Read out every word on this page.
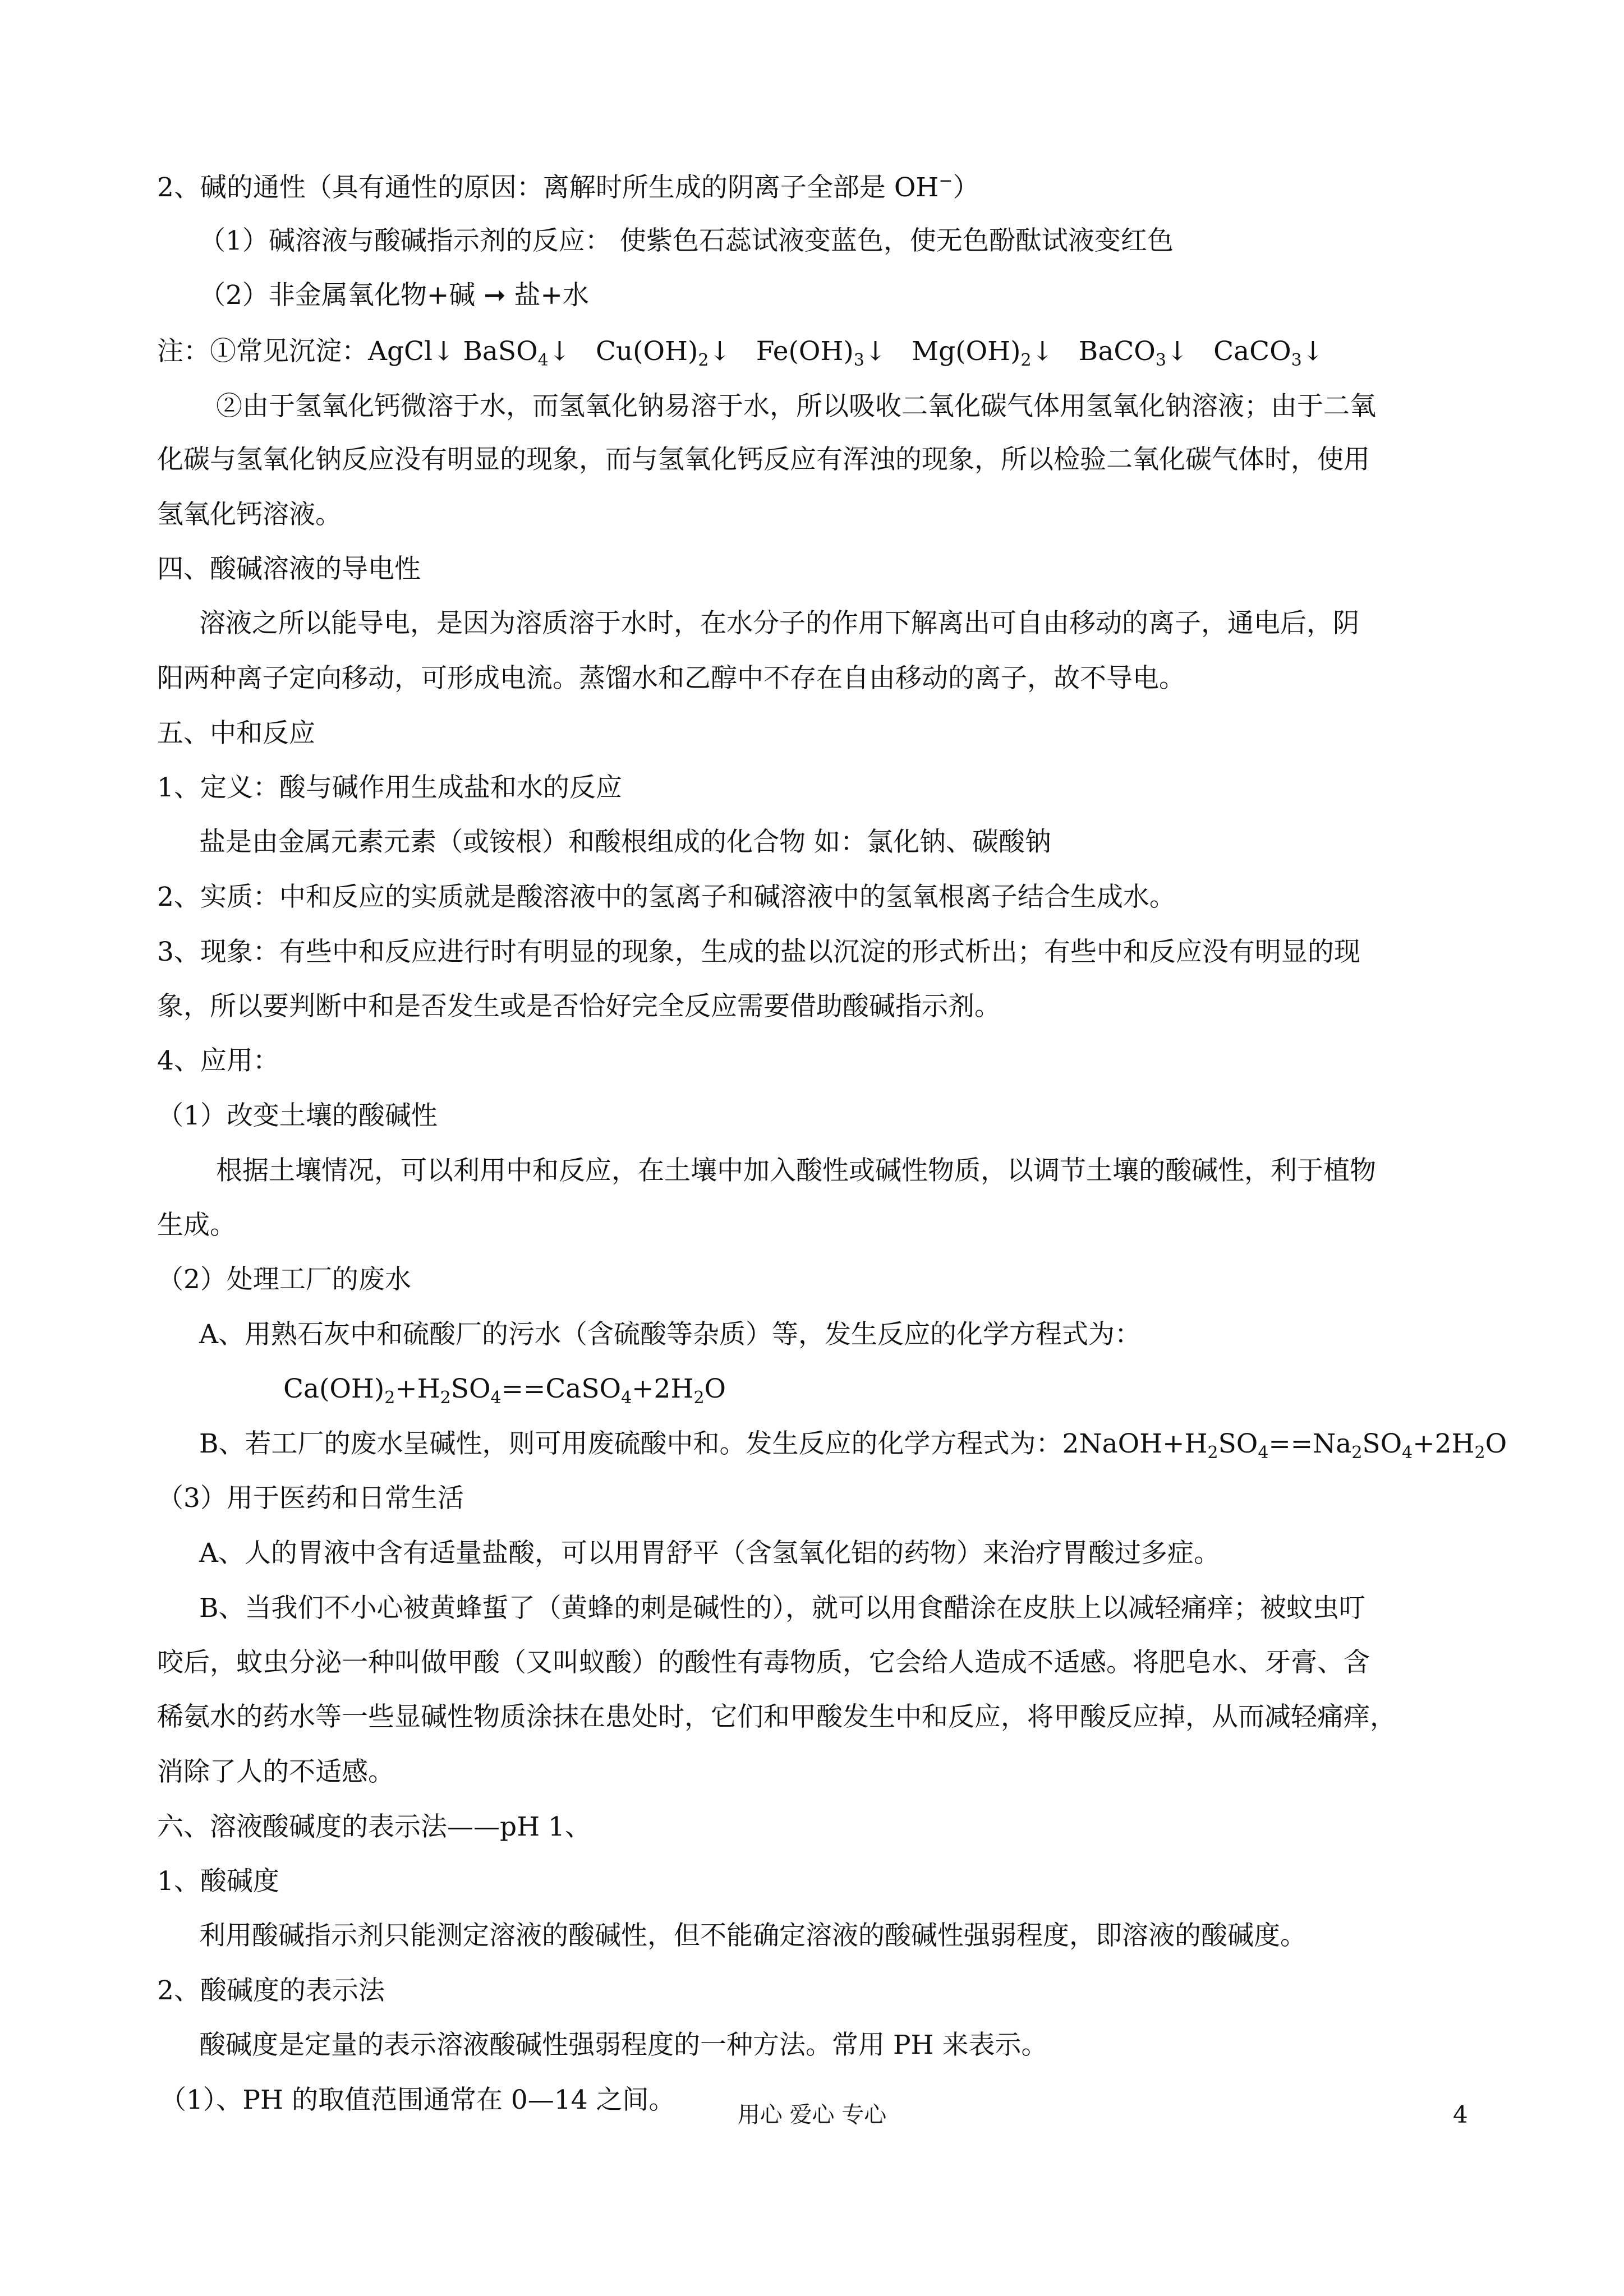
2、碱的通性（具有通性的原因：离解时所生成的阴离子全部是 OH−）
（1）碱溶液与酸碱指示剂的反应： 使紫色石蕊试液变蓝色，使无色酚酞试液变红色
（2）非金属氧化物+碱 ➞ 盐+水
注：①常见沉淀：AgCl↓ BaSO$_4$↓ $Cu(OH)_2↓$ $Fe(OH)_3↓$ $Mg(OH)_2↓$ BaCO$_3$↓ CaCO$_3$↓
②由于氢氧化钙微溶于水，而氢氧化钠易溶于水，所以吸收二氧化碳气体用氢氧化钠溶液；由于二氧
化碳与氢氧化钠反应没有明显的现象，而与氢氧化钙反应有浑浊的现象，所以检验二氧化碳气体时，使用
氢氧化钙溶液。
四、酸碱溶液的导电性
溶液之所以能导电，是因为溶质溶于水时，在水分子的作用下解离出可自由移动的离子，通电后，阴
阳两种离子定向移动，可形成电流。蒸馏水和乙醇中不存在自由移动的离子，故不导电。
五、中和反应
1、定义：酸与碱作用生成盐和水的反应
盐是由金属元素元素（或铵根）和酸根组成的化合物 如：氯化钠、碳酸钠
2、实质：中和反应的实质就是酸溶液中的氢离子和碱溶液中的氢氧根离子结合生成水。
3、现象：有些中和反应进行时有明显的现象，生成的盐以沉淀的形式析出；有些中和反应没有明显的现
象，所以要判断中和是否发生或是否恰好完全反应需要借助酸碱指示剂。
4、应用：
（1）改变土壤的酸碱性
根据土壤情况，可以利用中和反应，在土壤中加入酸性或碱性物质，以调节土壤的酸碱性，利于植物
生成。
（2）处理工厂的废水
A、用熟石灰中和硫酸厂的污水（含硫酸等杂质）等，发生反应的化学方程式为：
$Ca(OH)_2+H_2SO_4==CaSO_4+2H_2O$
B、若工厂的废水呈碱性，则可用废硫酸中和。发生反应的化学方程式为：$2NaOH+H_2SO_4==Na_2SO_4+2H_2O$
（3）用于医药和日常生活
A、人的胃液中含有适量盐酸，可以用胃舒平（含氢氧化铝的药物）来治疗胃酸过多症。
B、当我们不小心被黄蜂蜇了（黄蜂的刺是碱性的），就可以用食醋涂在皮肤上以减轻痛痒；被蚊虫叮
咬后，蚊虫分泌一种叫做甲酸（又叫蚁酸）的酸性有毒物质，它会给人造成不适感。将肥皂水、牙膏、含
稀氨水的药水等一些显碱性物质涂抹在患处时，它们和甲酸发生中和反应，将甲酸反应掉，从而减轻痛痒，
消除了人的不适感。
六、溶液酸碱度的表示法——pH 1、
1、酸碱度
利用酸碱指示剂只能测定溶液的酸碱性，但不能确定溶液的酸碱性强弱程度，即溶液的酸碱度。
2、酸碱度的表示法
酸碱度是定量的表示溶液酸碱性强弱程度的一种方法。常用 PH 来表示。
（1）、PH 的取值范围通常在 0—14 之间。	用心 爱心 专心	4
